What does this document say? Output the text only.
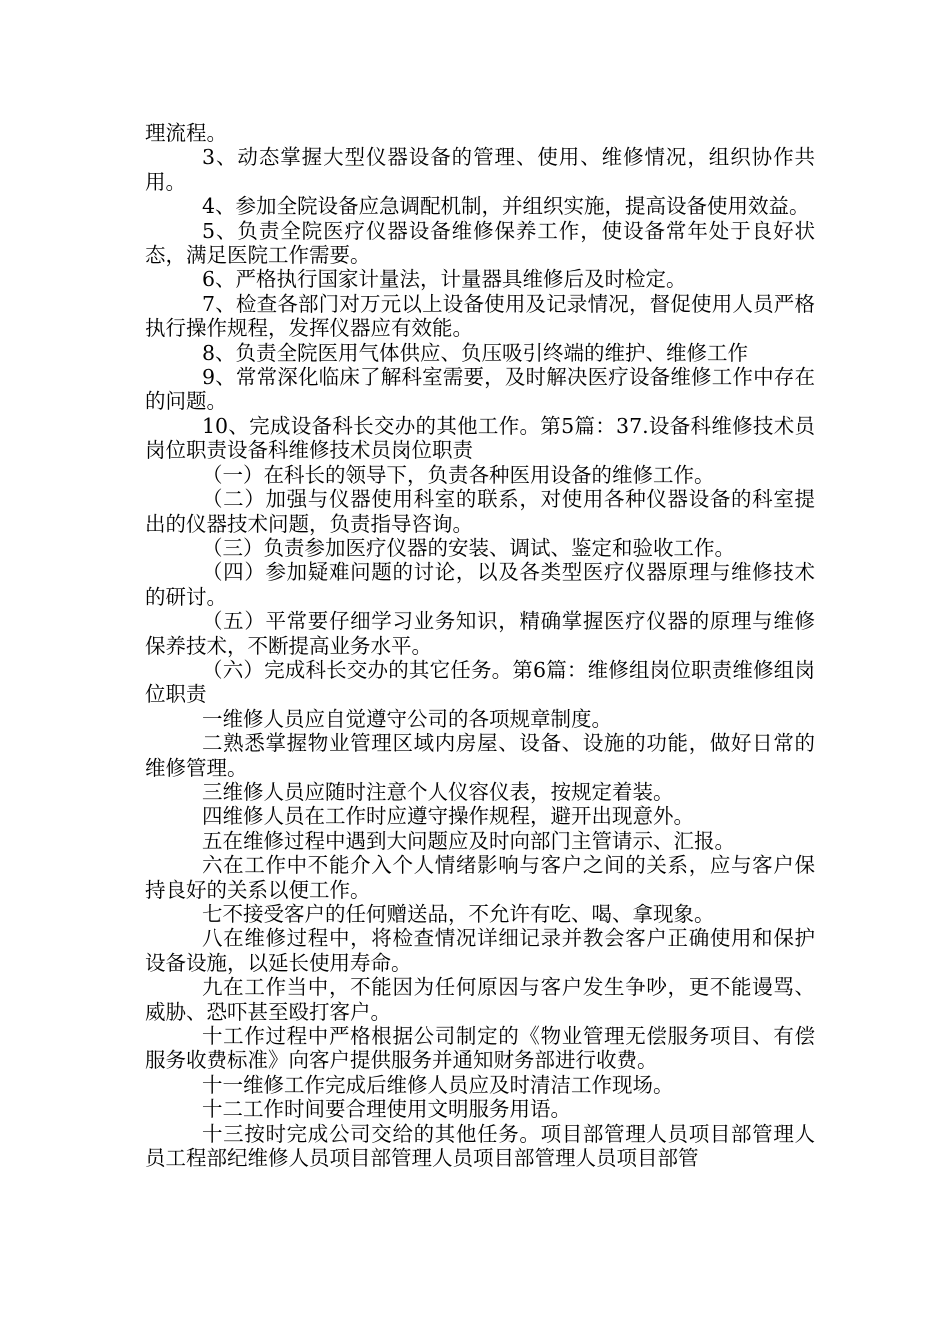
理流程。

3、动态掌握大型仪器设备的管理、使用、维修情况，组织协作共用。

4、参加全院设备应急调配机制，并组织实施，提高设备使用效益。

5、负责全院医疗仪器设备维修保养工作，使设备常年处于良好状态，满足医院工作需要。

6、严格执行国家计量法，计量器具维修后及时检定。

7、检查各部门对万元以上设备使用及记录情况，督促使用人员严格执行操作规程，发挥仪器应有效能。

8、负责全院医用气体供应、负压吸引终端的维护、维修工作

9、常常深化临床了解科室需要，及时解决医疗设备维修工作中存在的问题。

10、完成设备科长交办的其他工作。第5篇：37.设备科维修技术员岗位职责设备科维修技术员岗位职责

（一）在科长的领导下，负责各种医用设备的维修工作。

（二）加强与仪器使用科室的联系，对使用各种仪器设备的科室提出的仪器技术问题，负责指导咨询。

（三）负责参加医疗仪器的安装、调试、鉴定和验收工作。

（四）参加疑难问题的讨论，以及各类型医疗仪器原理与维修技术的研讨。

（五）平常要仔细学习业务知识，精确掌握医疗仪器的原理与维修保养技术，不断提高业务水平。

（六）完成科长交办的其它任务。第6篇：维修组岗位职责维修组岗位职责

一维修人员应自觉遵守公司的各项规章制度。

二熟悉掌握物业管理区域内房屋、设备、设施的功能，做好日常的维修管理。

三维修人员应随时注意个人仪容仪表，按规定着装。

四维修人员在工作时应遵守操作规程，避开出现意外。

五在维修过程中遇到大问题应及时向部门主管请示、汇报。

六在工作中不能介入个人情绪影响与客户之间的关系，应与客户保持良好的关系以便工作。

七不接受客户的任何赠送品，不允许有吃、喝、拿现象。

八在维修过程中，将检查情况详细记录并教会客户正确使用和保护设备设施，以延长使用寿命。

九在工作当中，不能因为任何原因与客户发生争吵，更不能谩骂、威胁、恐吓甚至殴打客户。

十工作过程中严格根据公司制定的《物业管理无偿服务项目、有偿服务收费标准》向客户提供服务并通知财务部进行收费。

十一维修工作完成后维修人员应及时清洁工作现场。

十二工作时间要合理使用文明服务用语。

十三按时完成公司交给的其他任务。项目部管理人员项目部管理人员工程部纪维修人员项目部管理人员项目部管理人员项目部管
